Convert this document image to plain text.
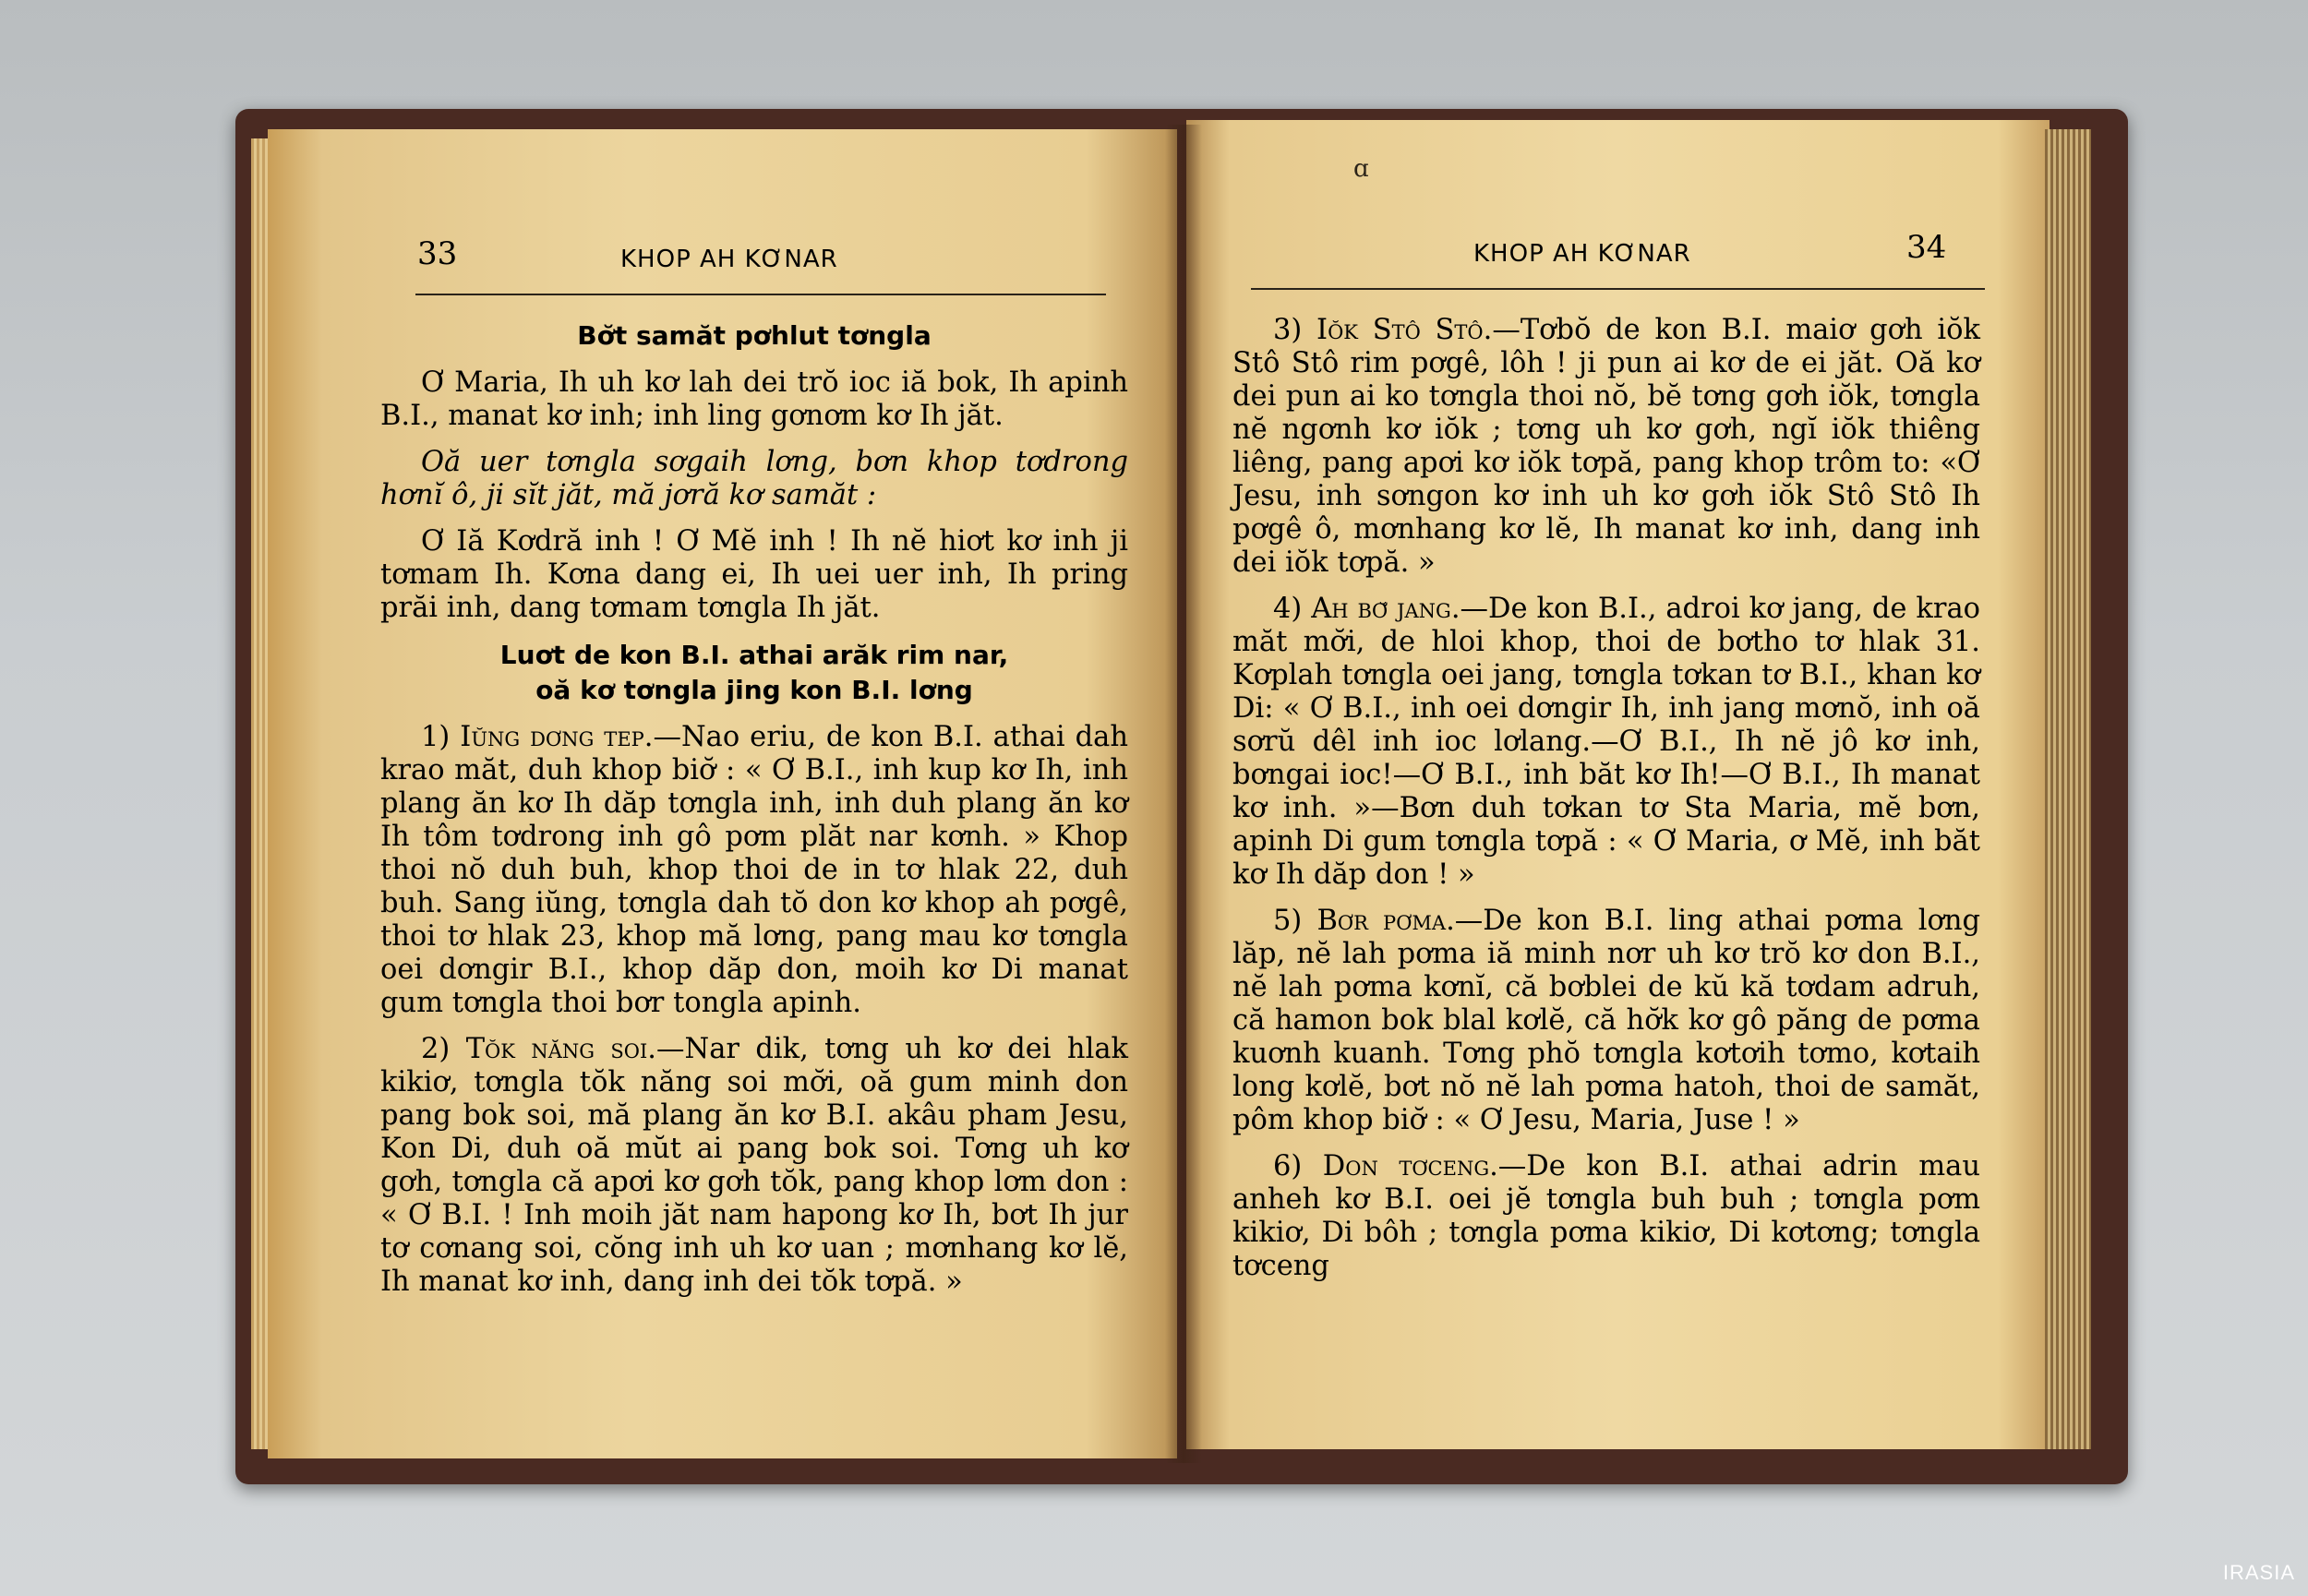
33	KHOP AH KƠNAR

Bơ̆t samăt pơhlut tơngla

Ơ Maria, Ih uh kơ lah dei trŏ ioc iă bok, Ih apinh B.I., manat kơ inh; inh ling gơnơm kơ Ih jăt.

Oă uer tơngla sơgaih lơng, bơn khop tơdrong hơnĭ ô, ji sĭt jăt, mă jơră kơ samăt :

Ơ Iă Kơdră inh ! Ơ Mĕ inh ! Ih nĕ hiơt kơ inh ji tơmam Ih. Kơna dang ei, Ih uei uer inh, Ih pring prăi inh, dang tơmam tơngla Ih jăt.

Luơt de kon B.I. athai arăk rim nar,
oă kơ tơngla jing kon B.I. lơng

1) Iŭng dơng tep.—Nao eriu, de kon B.I. athai dah krao măt, duh khop biơ̆ : « Ơ B.I., inh kup kơ Ih, inh plang ăn kơ Ih dăp tơngla inh, inh duh plang ăn kơ Ih tôm tơdrong inh gô pơm plăt nar kơnh. » Khop thoi nŏ duh buh, khop thoi de in tơ hlak 22, duh buh. Sang iŭng, tơngla dah tŏ don kơ khop ah pơgê, thoi tơ hlak 23, khop mă lơng, pang mau kơ tơngla oei dơngir B.I., khop dăp don, moih kơ Di manat gum tơngla thoi bơr tongla apinh.

2) Tŏk năng soi.—Nar dik, tơng uh kơ dei hlak kikiơ, tơngla tŏk năng soi mơ̆i, oă gum minh don pang bok soi, mă plang ăn kơ B.I. akâu pham Jesu, Kon Di, duh oă mŭt ai pang bok soi. Tơng uh kơ gơh, tơngla că apơi kơ gơh tŏk, pang khop lơm don : « Ơ B.I. ! Inh moih jăt nam hapong kơ Ih, bơt Ih jur tơ cơnang soi, cŏng inh uh kơ uan ; mơnhang kơ lĕ, Ih manat kơ inh, dang inh dei tŏk tơpă. »

KHOP AH KƠNAR	34
ɑ

3) Iŏk Stô Stô.—Tơbŏ de kon B.I. maiơ gơh iŏk Stô Stô rim pơgê, lôh ! ji pun ai kơ de ei jăt. Oă kơ dei pun ai ko tơngla thoi nŏ, bĕ tơng gơh iŏk, tơngla nĕ ngơnh kơ iŏk ; tơng uh kơ gơh, ngĭ iŏk thiêng liêng, pang apơi kơ iŏk tơpă, pang khop trôm to: «Ơ Jesu, inh sơngon kơ inh uh kơ gơh iŏk Stô Stô Ih pơgê ô, mơnhang kơ lĕ, Ih manat kơ inh, dang inh dei iŏk tơpă. »

4) Ah bơ̆ jang.—De kon B.I., adroi kơ jang, de krao măt mơ̆i, de hloi khop, thoi de bơtho tơ hlak 31. Kơplah tơngla oei jang, tơngla tơkan tơ B.I., khan kơ Di: « Ơ B.I., inh oei dơngir Ih, inh jang mơnŏ, inh oă sơrŭ dêl inh ioc lơlang.—Ơ B.I., Ih nĕ jô kơ inh, bơngai ioc!—Ơ B.I., inh băt kơ Ih!—Ơ B.I., Ih manat kơ inh. »—Bơn duh tơkan tơ Sta Maria, mĕ bơn, apinh Di gum tơngla tơpă : « Ơ Maria, ơ Mĕ, inh băt kơ Ih dăp don ! »

5) Bơr pơma.—De kon B.I. ling athai pơma lơng lăp, nĕ lah pơma iă minh nơr uh kơ trŏ kơ don B.I., nĕ lah pơma kơnĭ, că bơblei de kŭ kă tơdam adruh, că hamon bok blal kơlĕ, că hơ̆k kơ gô păng de pơma kuơnh kuanh. Tơng phŏ tơngla kơtơih tơmo, kơtaih long kơlĕ, bơt nŏ nĕ lah pơma hatoh, thoi de samăt, pôm khop biơ̆ : « Ơ Jesu, Maria, Juse ! »

6) Don tơceng.—De kon B.I. athai adrin mau anheh kơ B.I. oei jĕ tơngla buh buh ; tơngla pơm kikiơ, Di bôh ; tơngla pơma kikiơ, Di kơtơng; tơngla tơceng

IRASIA
